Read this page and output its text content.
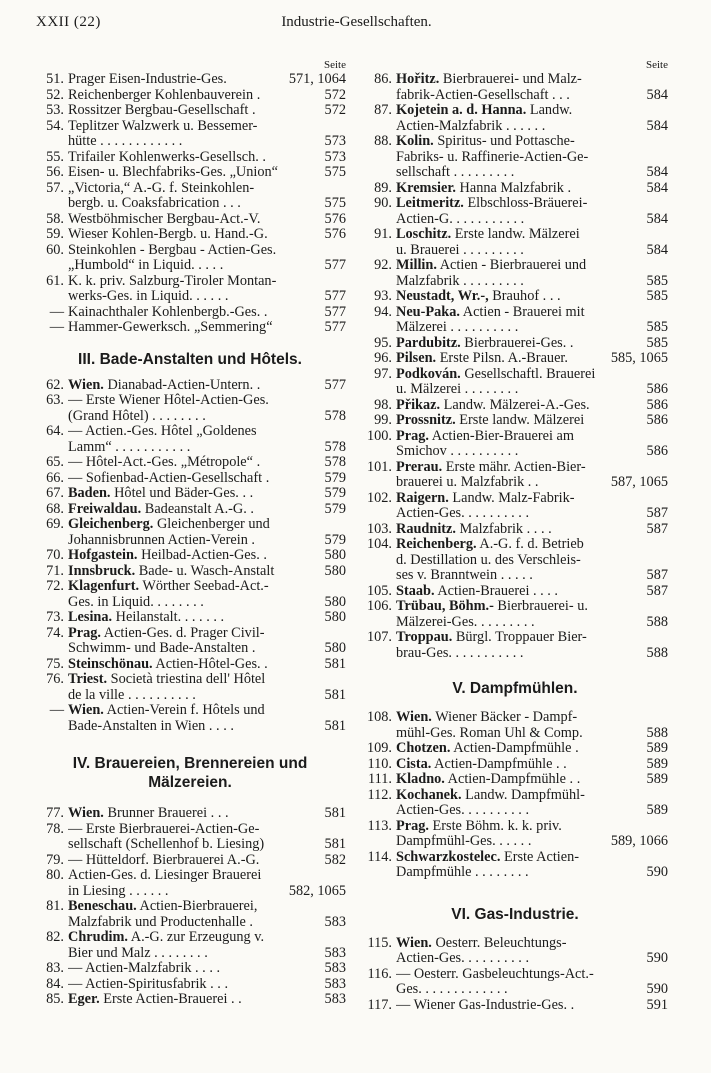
XXII (22)	Industrie-Gesellschaften.
Seite
51. Prager Eisen-Industrie-Ges.	571, 1064
52. Reichenberger Kohlenbauverein .	572
53. Rossitzer Bergbau-Gesellschaft .	572
54. Teplitzer Walzwerk u. Bessemer-
hütte . . . . . . . . . . . .	573
55. Trifailer Kohlenwerks-Gesellsch. .	573
56. Eisen- u. Blechfabriks-Ges. „Union“	575
57. „Victoria,“ A.-G. f. Steinkohlen-
bergb. u. Coaksfabrication . . .	575
58. Westböhmischer Bergbau-Act.-V.	576
59. Wieser Kohlen-Bergb. u. Hand.-G.	576
60. Steinkohlen - Bergbau - Actien-Ges.
„Humbold“ in Liquid. . . . .	577
61. K. k. priv. Salzburg-Tiroler Montan-
werks-Ges. in Liquid. . . . . .	577
— Kainachthaler Kohlenbergb.-Ges. .	577
— Hammer-Gewerksch. „Semmering“	577
III. Bade-Anstalten und Hôtels.
62. Wien. Dianabad-Actien-Untern. .	577
63. — Erste Wiener Hôtel-Actien-Ges.
(Grand Hôtel) . . . . . . . .	578
64. — Actien.-Ges. Hôtel „Goldenes
Lamm“ . . . . . . . . . . .	578
65. — Hôtel-Act.-Ges. „Métropole“ .	578
66. — Sofienbad-Actien-Gesellschaft .	579
67. Baden. Hôtel und Bäder-Ges. . .	579
68. Freiwaldau. Badeanstalt A.-G. .	579
69. Gleichenberg. Gleichenberger und
Johannisbrunnen Actien-Verein .	579
70. Hofgastein. Heilbad-Actien-Ges. .	580
71. Innsbruck. Bade- u. Wasch-Anstalt	580
72. Klagenfurt. Wörther Seebad-Act.-
Ges. in Liquid. . . . . . . .	580
73. Lesina. Heilanstalt. . . . . . .	580
74. Prag. Actien-Ges. d. Prager Civil-
Schwimm- und Bade-Anstalten .	580
75. Steinschönau. Actien-Hôtel-Ges. .	581
76. Triest. Società triestina dell' Hôtel
de la ville . . . . . . . . . .	581
— Wien. Actien-Verein f. Hôtels und
Bade-Anstalten in Wien . . . .	581
IV. Brauereien, Brennereien und Mälzereien.
77. Wien. Brunner Brauerei . . .	581
78. — Erste Bierbrauerei-Actien-Ge-
sellschaft (Schellenhof b. Liesing)	581
79. — Hütteldorf. Bierbrauerei A.-G.	582
80. Actien-Ges. d. Liesinger Brauerei
in Liesing . . . . . .	582, 1065
81. Beneschau. Actien-Bierbrauerei,
Malzfabrik und Productenhalle .	583
82. Chrudim. A.-G. zur Erzeugung v.
Bier und Malz . . . . . . . .	583
83. — Actien-Malzfabrik . . . .	583
84. — Actien-Spiritusfabrik . . .	583
85. Eger. Erste Actien-Brauerei . .	583
Seite
86. Hořitz. Bierbrauerei- und Malz-
fabrik-Actien-Gesellschaft . . .	584
87. Kojetein a. d. Hanna. Landw.
Actien-Malzfabrik . . . . . .	584
88. Kolin. Spiritus- und Pottasche-
Fabriks- u. Raffinerie-Actien-Ge-
sellschaft . . . . . . . . .	584
89. Kremsier. Hanna Malzfabrik .	584
90. Leitmeritz. Elbschloss-Bräuerei-
Actien-G. . . . . . . . . . .	584
91. Loschitz. Erste landw. Mälzerei
u. Brauerei . . . . . . . . .	584
92. Millin. Actien - Bierbrauerei und
Malzfabrik . . . . . . . . .	585
93. Neustadt, Wr.-, Brauhof . . .	585
94. Neu-Paka. Actien - Brauerei mit
Mälzerei . . . . . . . . . .	585
95. Pardubitz. Bierbrauerei-Ges. .	585
96. Pilsen. Erste Pilsn. A.-Brauer.	585, 1065
97. Podkován. Gesellschaftl. Brauerei
u. Mälzerei . . . . . . . .	586
98. Přikaz. Landw. Mälzerei-A.-Ges.	586
99. Prossnitz. Erste landw. Mälzerei	586
100. Prag. Actien-Bier-Brauerei am
Smichov . . . . . . . . . .	586
101. Prerau. Erste mähr. Actien-Bier-
brauerei u. Malzfabrik . .	587, 1065
102. Raigern. Landw. Malz-Fabrik-
Actien-Ges. . . . . . . . . .	587
103. Raudnitz. Malzfabrik . . . .	587
104. Reichenberg. A.-G. f. d. Betrieb
d. Destillation u. des Verschleis-
ses v. Branntwein . . . . .	587
105. Staab. Actien-Brauerei . . . .	587
106. Trübau, Böhm.- Bierbrauerei- u.
Mälzerei-Ges. . . . . . . . .	588
107. Troppau. Bürgl. Troppauer Bier-
brau-Ges. . . . . . . . . . .	588
V. Dampfmühlen.
108. Wien. Wiener Bäcker - Dampf-
mühl-Ges. Roman Uhl & Comp.	588
109. Chotzen. Actien-Dampfmühle .	589
110. Cista. Actien-Dampfmühle . .	589
111. Kladno. Actien-Dampfmühle . .	589
112. Kochanek. Landw. Dampfmühl-
Actien-Ges. . . . . . . . . .	589
113. Prag. Erste Böhm. k. k. priv.
Dampfmühl-Ges. . . . . .	589, 1066
114. Schwarzkostelec. Erste Actien-
Dampfmühle . . . . . . . .	590
VI. Gas-Industrie.
115. Wien. Oesterr. Beleuchtungs-
Actien-Ges. . . . . . . . . .	590
116. — Oesterr. Gasbeleuchtungs-Act.-
Ges. . . . . . . . . . . . .	590
117. — Wiener Gas-Industrie-Ges. .	591
